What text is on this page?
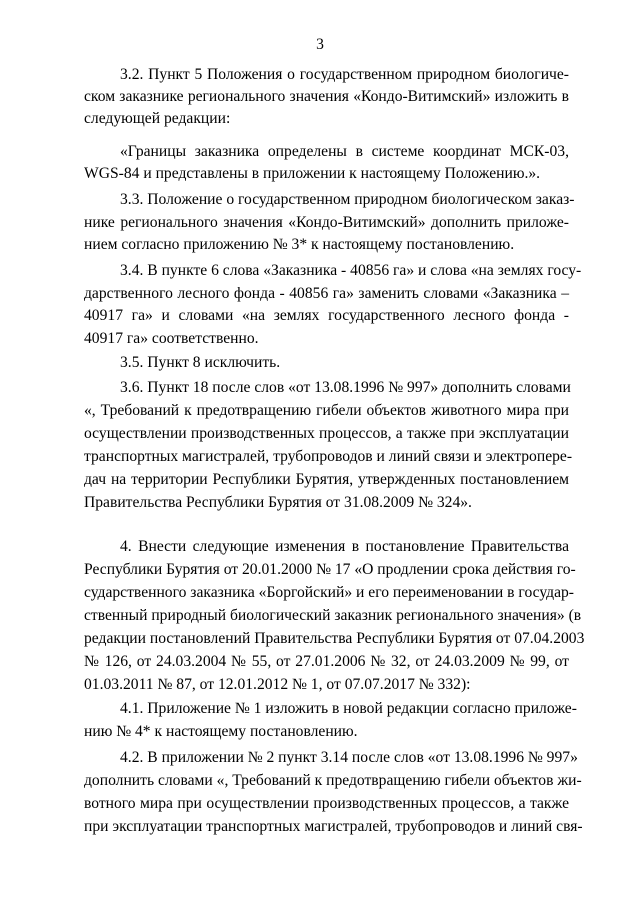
3
3.2. Пункт 5 Положения о государственном природном биологиче-
ском заказнике регионального значения «Кондо-Витимский» изложить в
следующей редакции:
«Границы заказника определены в системе координат МСК-03,
WGS-84 и представлены в приложении к настоящему Положению.».
3.3. Положение о государственном природном биологическом заказ-
нике регионального значения «Кондо-Витимский» дополнить приложе-
нием согласно приложению № 3* к настоящему постановлению.
3.4. В пункте 6 слова «Заказника - 40856 га» и слова «на землях госу-
дарственного лесного фонда - 40856 га» заменить словами «Заказника –
40917 га» и словами «на землях государственного лесного фонда -
40917 га» соответственно.
3.5. Пункт 8 исключить.
3.6. Пункт 18 после слов «от 13.08.1996 № 997» дополнить словами
«, Требований к предотвращению гибели объектов животного мира при
осуществлении производственных процессов, а также при эксплуатации
транспортных магистралей, трубопроводов и линий связи и электропере-
дач на территории Республики Бурятия, утвержденных постановлением
Правительства Республики Бурятия от 31.08.2009 № 324».
4. Внести следующие изменения в постановление Правительства
Республики Бурятия от 20.01.2000 № 17 «О продлении срока действия го-
сударственного заказника «Боргойский» и его переименовании в государ-
ственный природный биологический заказник регионального значения» (в
редакции постановлений Правительства Республики Бурятия от 07.04.2003
№ 126, от 24.03.2004 № 55, от 27.01.2006 № 32, от 24.03.2009 № 99, от
01.03.2011 № 87, от 12.01.2012 № 1, от 07.07.2017 № 332):
4.1. Приложение № 1 изложить в новой редакции согласно приложе-
нию № 4* к настоящему постановлению.
4.2. В приложении № 2 пункт 3.14 после слов «от 13.08.1996 № 997»
дополнить словами «, Требований к предотвращению гибели объектов жи-
вотного мира при осуществлении производственных процессов, а также
при эксплуатации транспортных магистралей, трубопроводов и линий свя-
